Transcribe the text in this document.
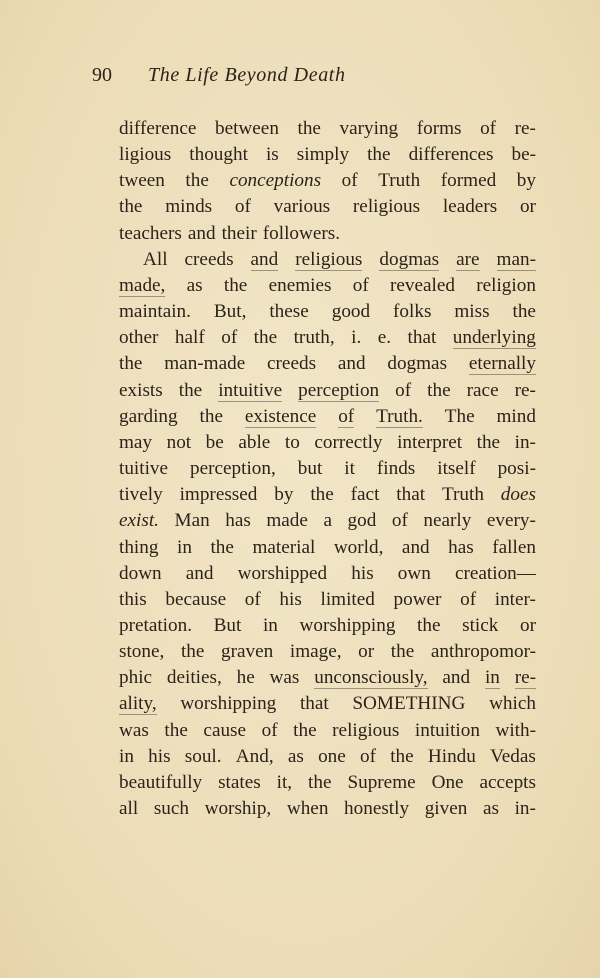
90 The Life Beyond Death
difference between the varying forms of re-
ligious thought is simply the differences be-
tween the conceptions of Truth formed by
the minds of various religious leaders or
teachers and their followers.
All creeds and religious dogmas are man-
made, as the enemies of revealed religion
maintain. But, these good folks miss the
other half of the truth, i. e. that underlying
the man-made creeds and dogmas eternally
exists the intuitive perception of the race re-
garding the existence of Truth. The mind
may not be able to correctly interpret the in-
tuitive perception, but it finds itself posi-
tively impressed by the fact that Truth does
exist. Man has made a god of nearly every-
thing in the material world, and has fallen
down and worshipped his own creation—
this because of his limited power of inter-
pretation. But in worshipping the stick or
stone, the graven image, or the anthropomor-
phic deities, he was unconsciously, and in re-
ality, worshipping that SOMETHING which
was the cause of the religious intuition with-
in his soul. And, as one of the Hindu Vedas
beautifully states it, the Supreme One accepts
all such worship, when honestly given as in-
